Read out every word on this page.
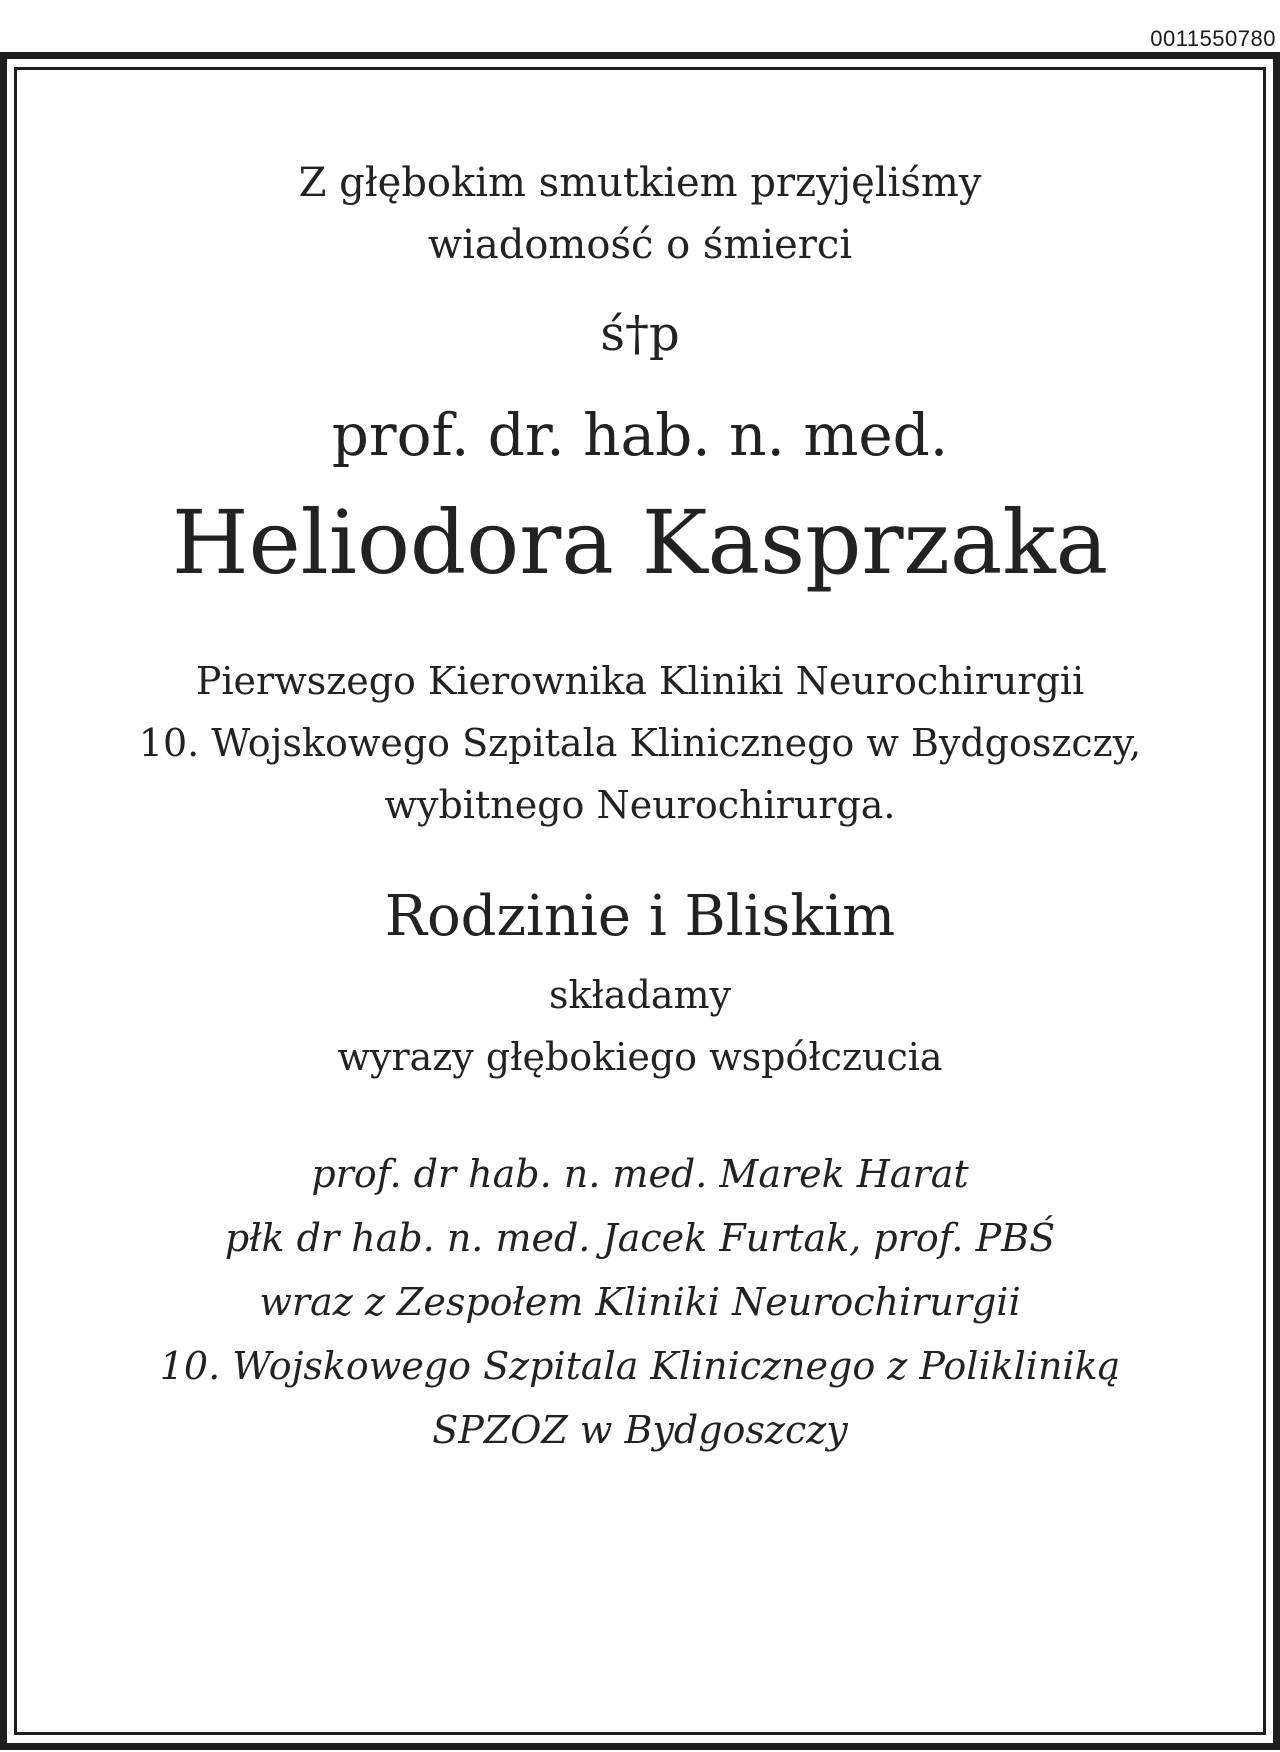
0011550780
Z głębokim smutkiem przyjęliśmy
wiadomość o śmierci
ś†p
prof. dr. hab. n. med.
Heliodora Kasprzaka
Pierwszego Kierownika Kliniki Neurochirurgii
10. Wojskowego Szpitala Klinicznego w Bydgoszczy,
wybitnego Neurochirurga.
Rodzinie i Bliskim
składamy
wyrazy głębokiego współczucia
prof. dr hab. n. med. Marek Harat
płk dr hab. n. med. Jacek Furtak, prof. PBŚ
wraz z Zespołem Kliniki Neurochirurgii
10. Wojskowego Szpitala Klinicznego z Polikliniką
SPZOZ w Bydgoszczy
